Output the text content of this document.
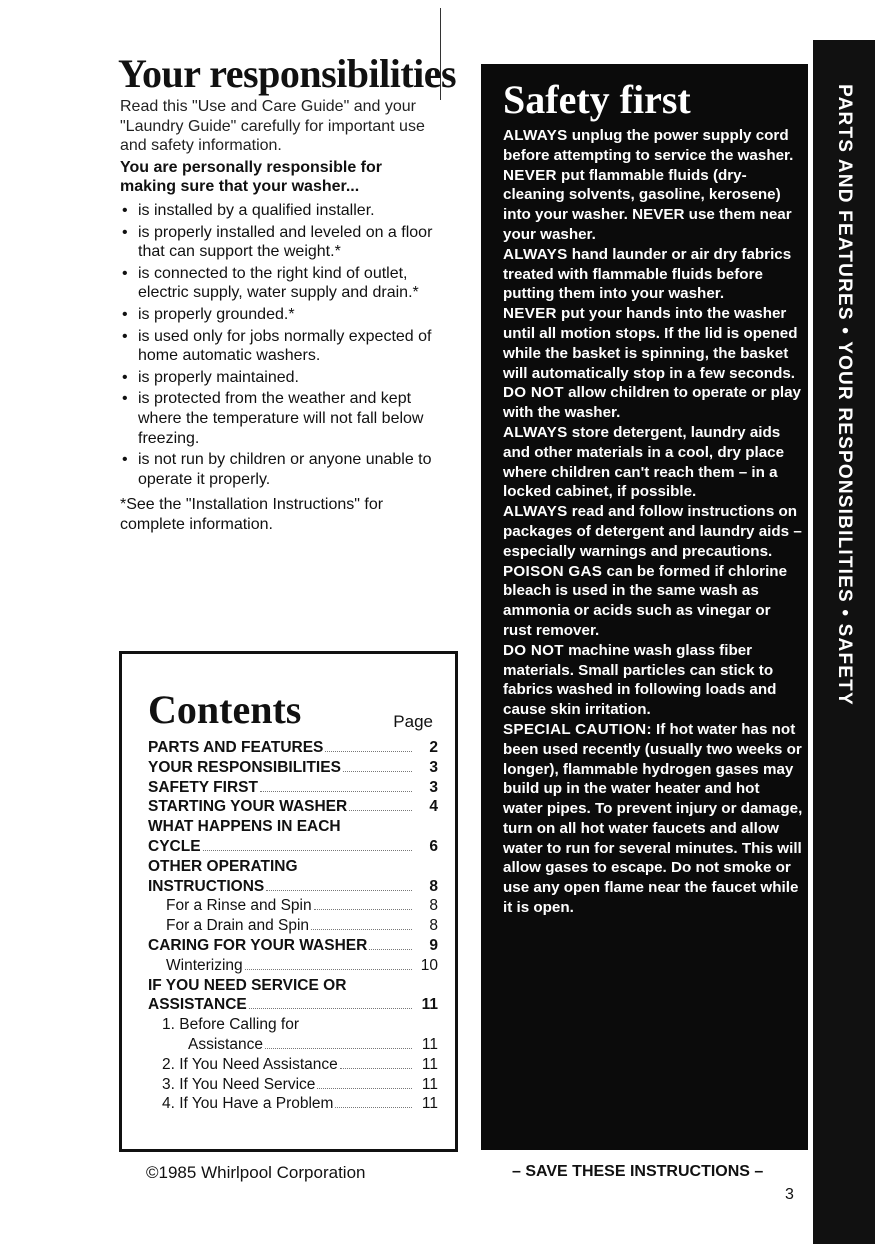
Your responsibilities

Read this "Use and Care Guide" and your "Laundry Guide" carefully for important use and safety information.

You are personally responsible for making sure that your washer...

• is installed by a qualified installer.
• is properly installed and leveled on a floor that can support the weight.*
• is connected to the right kind of outlet, electric supply, water supply and drain.*
• is properly grounded.*
• is used only for jobs normally expected of home automatic washers.
• is properly maintained.
• is protected from the weather and kept where the temperature will not fall below freezing.
• is not run by children or anyone unable to operate it properly.

*See the "Installation Instructions" for complete information.

Contents	Page
PARTS AND FEATURES	2
YOUR RESPONSIBILITIES	3
SAFETY FIRST	3
STARTING YOUR WASHER	4
WHAT HAPPENS IN EACH
CYCLE	6
OTHER OPERATING
INSTRUCTIONS	8
For a Rinse and Spin	8
For a Drain and Spin	8
CARING FOR YOUR WASHER	9
Winterizing	10
IF YOU NEED SERVICE OR
ASSISTANCE	11
1. Before Calling for
Assistance	11
2. If You Need Assistance	11
3. If You Need Service	11
4. If You Have a Problem	11
©1985 Whirlpool Corporation
Safety first

ALWAYS unplug the power supply cord before attempting to service the washer.

NEVER put flammable fluids (dry-cleaning solvents, gasoline, kerosene) into your washer. NEVER use them near your washer.

ALWAYS hand launder or air dry fabrics treated with flammable fluids before putting them into your washer.

NEVER put your hands into the washer until all motion stops. If the lid is opened while the basket is spinning, the basket will automatically stop in a few seconds.

DO NOT allow children to operate or play with the washer.

ALWAYS store detergent, laundry aids and other materials in a cool, dry place where children can't reach them – in a locked cabinet, if possible.

ALWAYS read and follow instructions on packages of detergent and laundry aids – especially warnings and precautions.

POISON GAS can be formed if chlorine bleach is used in the same wash as ammonia or acids such as vinegar or rust remover.

DO NOT machine wash glass fiber materials. Small particles can stick to fabrics washed in following loads and cause skin irritation.

SPECIAL CAUTION: If hot water has not been used recently (usually two weeks or longer), flammable hydrogen gases may build up in the water heater and hot water pipes. To prevent injury or damage, turn on all hot water faucets and allow water to run for several minutes. This will allow gases to escape. Do not smoke or use any open flame near the faucet while it is open.

– SAVE THESE INSTRUCTIONS –
3
PARTS AND FEATURES • YOUR RESPONSIBILITIES • SAFETY
